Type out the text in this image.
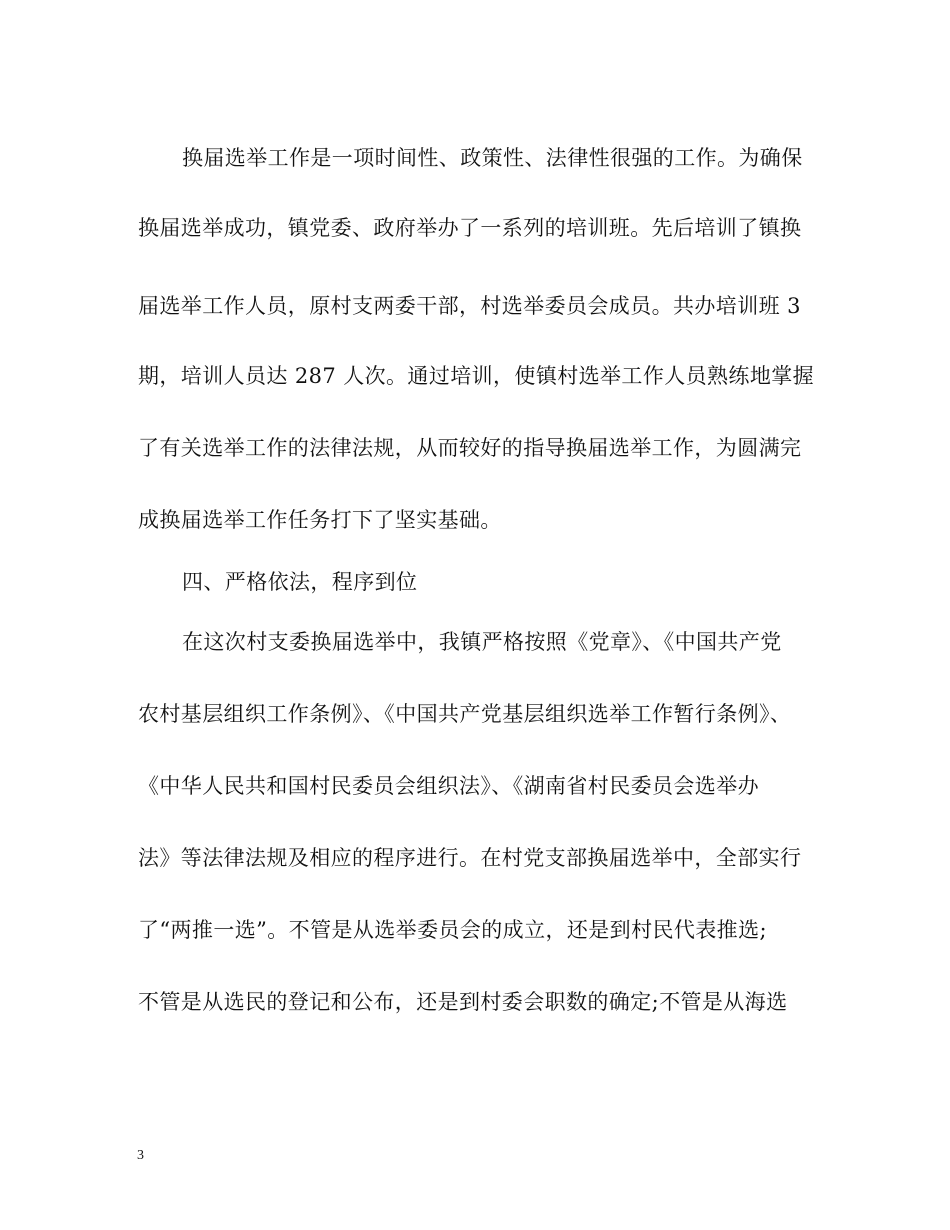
换届选举工作是一项时间性、政策性、法律性很强的工作。为确保
换届选举成功，镇党委、政府举办了一系列的培训班。先后培训了镇换
届选举工作人员，原村支两委干部，村选举委员会成员。共办培训班 3
期，培训人员达 287 人次。通过培训，使镇村选举工作人员熟练地掌握
了有关选举工作的法律法规，从而较好的指导换届选举工作，为圆满完
成换届选举工作任务打下了坚实基础。
四、严格依法，程序到位
在这次村支委换届选举中，我镇严格按照《党章》、《中国共产党
农村基层组织工作条例》、《中国共产党基层组织选举工作暂行条例》、
《中华人民共和国村民委员会组织法》、《湖南省村民委员会选举办
法》等法律法规及相应的程序进行。在村党支部换届选举中，全部实行
了“两推一选”。不管是从选举委员会的成立，还是到村民代表推选;
不管是从选民的登记和公布，还是到村委会职数的确定;不管是从海选
3
